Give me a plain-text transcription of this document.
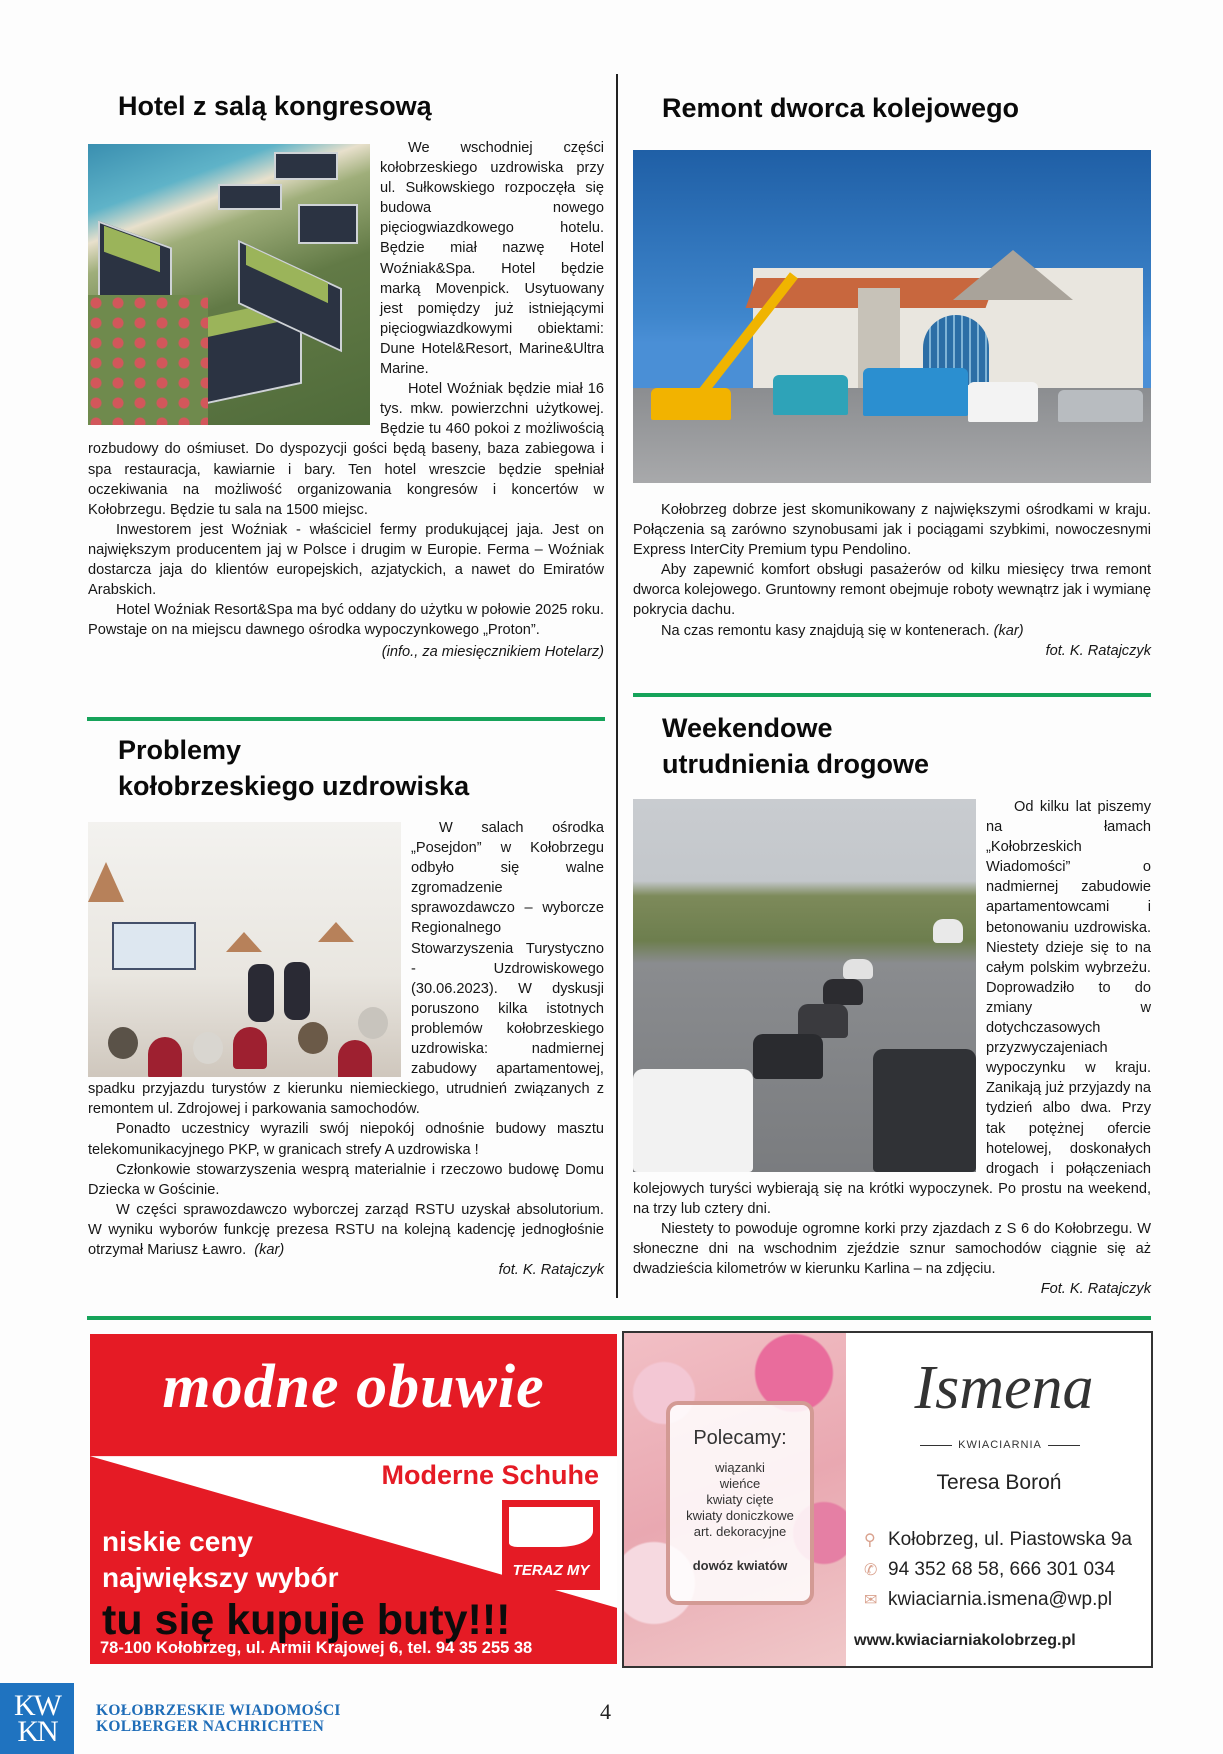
Hotel z salą kongresową

We wschodniej części kołobrzeskiego uzdrowiska przy ul. Sułkowskiego rozpoczęła się budowa nowego pięciogwiazdkowego hotelu. Będzie miał nazwę Hotel Woźniak&Spa. Hotel będzie marką Movenpick. Usytuowany jest pomiędzy już istniejącymi pięciogwiazdkowymi obiektami: Dune Hotel&Resort, Marine&Ultra Marine.

Hotel Woźniak będzie miał 16 tys. mkw. powierzchni użytkowej. Będzie tu 460 pokoi z możliwością rozbudowy do ośmiuset. Do dyspozycji gości będą baseny, baza zabiegowa i spa restauracja, kawiarnie i bary. Ten hotel wreszcie będzie spełniał oczekiwania na możliwość organizowania kongresów i koncertów w Kołobrzegu. Będzie tu sala na 1500 miejsc.

Inwestorem jest Woźniak - właściciel fermy produkującej jaja. Jest on największym producentem jaj w Polsce i drugim w Europie. Ferma – Woźniak dostarcza jaja do klientów europejskich, azjatyckich, a nawet do Emiratów Arabskich.

Hotel Woźniak Resort&Spa ma być oddany do użytku w połowie 2025 roku. Powstaje on na miejscu dawnego ośrodka wypoczynkowego „Proton”.

(info., za miesięcznikiem Hotelarz)
Problemy
kołobrzeskiego uzdrowiska

W salach ośrodka „Posejdon” w Kołobrzegu odbyło się walne zgromadzenie sprawozdawczo – wyborcze Regionalnego Stowarzyszenia Turystyczno - Uzdrowiskowego (30.06.2023). W dyskusji poruszono kilka istotnych problemów kołobrzeskiego uzdrowiska: nadmiernej zabudowy apartamentowej, spadku przyjazdu turystów z kierunku niemieckiego, utrudnień związanych z remontem ul. Zdrojowej i parkowania samochodów.

Ponadto uczestnicy wyrazili swój niepokój odnośnie budowy masztu telekomunikacyjnego PKP, w granicach strefy A uzdrowiska !

Członkowie stowarzyszenia wesprą materialnie i rzeczowo budowę Domu Dziecka w Gościnie.

W części sprawozdawczo wyborczej zarząd RSTU uzyskał absolutorium. W wyniku wyborów funkcję prezesa RSTU na kolejną kadencję jednogłośnie otrzymał Mariusz Ławro. (kar)

fot. K. Ratajczyk
Remont dworca kolejowego

Kołobrzeg dobrze jest skomunikowany z największymi ośrodkami w kraju. Połączenia są zarówno szynobusami jak i pociągami szybkimi, nowoczesnymi Express InterCity Premium typu Pendolino.

Aby zapewnić komfort obsługi pasażerów od kilku miesięcy trwa remont dworca kolejowego. Gruntowny remont obejmuje roboty wewnątrz jak i wymianę pokrycia dachu.

Na czas remontu kasy znajdują się w kontenerach. (kar)

fot. K. Ratajczyk
Weekendowe
utrudnienia drogowe

Od kilku lat piszemy na łamach „Kołobrzeskich Wiadomości” o nadmiernej zabudowie apartamentowcami i betonowaniu uzdrowiska. Niestety dzieje się to na całym polskim wybrzeżu. Doprowadziło to do zmiany w dotychczasowych przyzwyczajeniach wypoczynku w kraju. Zanikają już przyjazdy na tydzień albo dwa. Przy tak potężnej ofercie hotelowej, doskonałych drogach i połączeniach kolejowych turyści wybierają się na krótki wypoczynek. Po prostu na weekend, na trzy lub cztery dni.

Niestety to powoduje ogromne korki przy zjazdach z S 6 do Kołobrzegu. W słoneczne dni na wschodnim zjeździe sznur samochodów ciągnie się aż dwadzieścia kilometrów w kierunku Karlina – na zdjęciu.

Fot. K. Ratajczyk
modne obuwie
Moderne Schuhe
TERAZ MY
niskie ceny
największy wybór
tu się kupuje buty!!!
78-100 Kołobrzeg, ul. Armii Krajowej 6, tel. 94 35 255 38
Polecamy:
wiązanki
wieńce
kwiaty cięte
kwiaty doniczkowe
art. dekoracyjne
dowóz kwiatów
Ismena
KWIACIARNIA
Teresa Boroń
⚲ Kołobrzeg, ul. Piastowska 9a
✆ 94 352 68 58, 666 301 034
✉ kwiaciarnia.ismena@wp.pl
www.kwiaciarniakolobrzeg.pl
KW
KN
KOŁOBRZESKIE WIADOMOŚCI
KOLBERGER NACHRICHTEN
4
